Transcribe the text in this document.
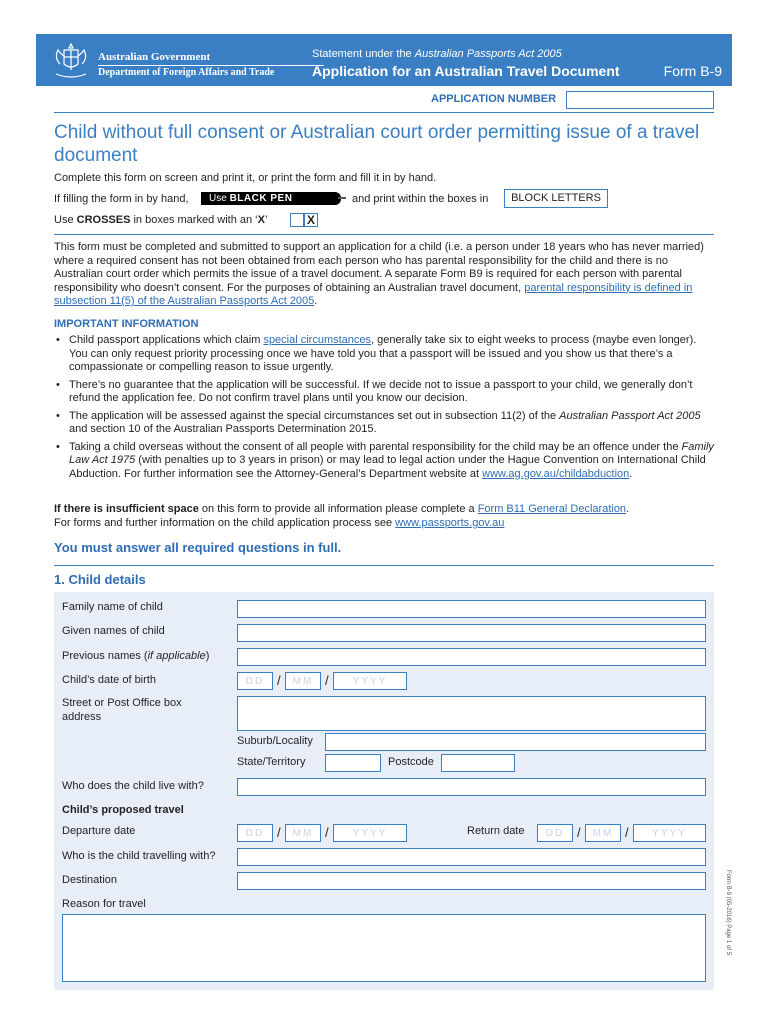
Australian Government
Department of Foreign Affairs and Trade
Statement under the Australian Passports Act 2005
Application for an Australian Travel Document	Form B-9
APPLICATION NUMBER
Child without full consent or Australian court order permitting issue of a travel document
Complete this form on screen and print it, or print the form and fill it in by hand.
If filling the form in by hand,	Use BLACK PEN	and print within the boxes in	BLOCK LETTERS
Use CROSSES in boxes marked with an ‘X’	X
This form must be completed and submitted to support an application for a child (i.e. a person under 18 years who has never married) where a required consent has not been obtained from each person who has parental responsibility for the child and there is no Australian court order which permits the issue of a travel document. A separate Form B9 is required for each person with parental responsibility who doesn’t consent. For the purposes of obtaining an Australian travel document, parental responsibility is defined in subsection 11(5) of the Australian Passports Act 2005.
IMPORTANT INFORMATION
• Child passport applications which claim special circumstances, generally take six to eight weeks to process (maybe even longer). You can only request priority processing once we have told you that a passport will be issued and you show us that there’s a compassionate or compelling reason to issue urgently.
• There’s no guarantee that the application will be successful. If we decide not to issue a passport to your child, we generally don’t refund the application fee. Do not confirm travel plans until you know our decision.
• The application will be assessed against the special circumstances set out in subsection 11(2) of the Australian Passport Act 2005 and section 10 of the Australian Passports Determination 2015.
• Taking a child overseas without the consent of all people with parental responsibility for the child may be an offence under the Family Law Act 1975 (with penalties up to 3 years in prison) or may lead to legal action under the Hague Convention on International Child Abduction. For further information see the Attorney-General’s Department website at www.ag.gov.au/childabduction.
If there is insufficient space on this form to provide all information please complete a Form B11 General Declaration.
For forms and further information on the child application process see www.passports.gov.au
You must answer all required questions in full.
1. Child details
Family name of child
Given names of child
Previous names (if applicable)
Child’s date of birth	DD /	MM /	YYYY
Street or Post Office box
address
Suburb/Locality
State/Territory	Postcode
Who does the child live with?
Child’s proposed travel
Departure date	DD /	MM /	YYYY	Return date	DD /	MM /	YYYY
Who is the child travelling with?
Destination
Reason for travel	Form B-9 (05-2016) Page 1 of 5
